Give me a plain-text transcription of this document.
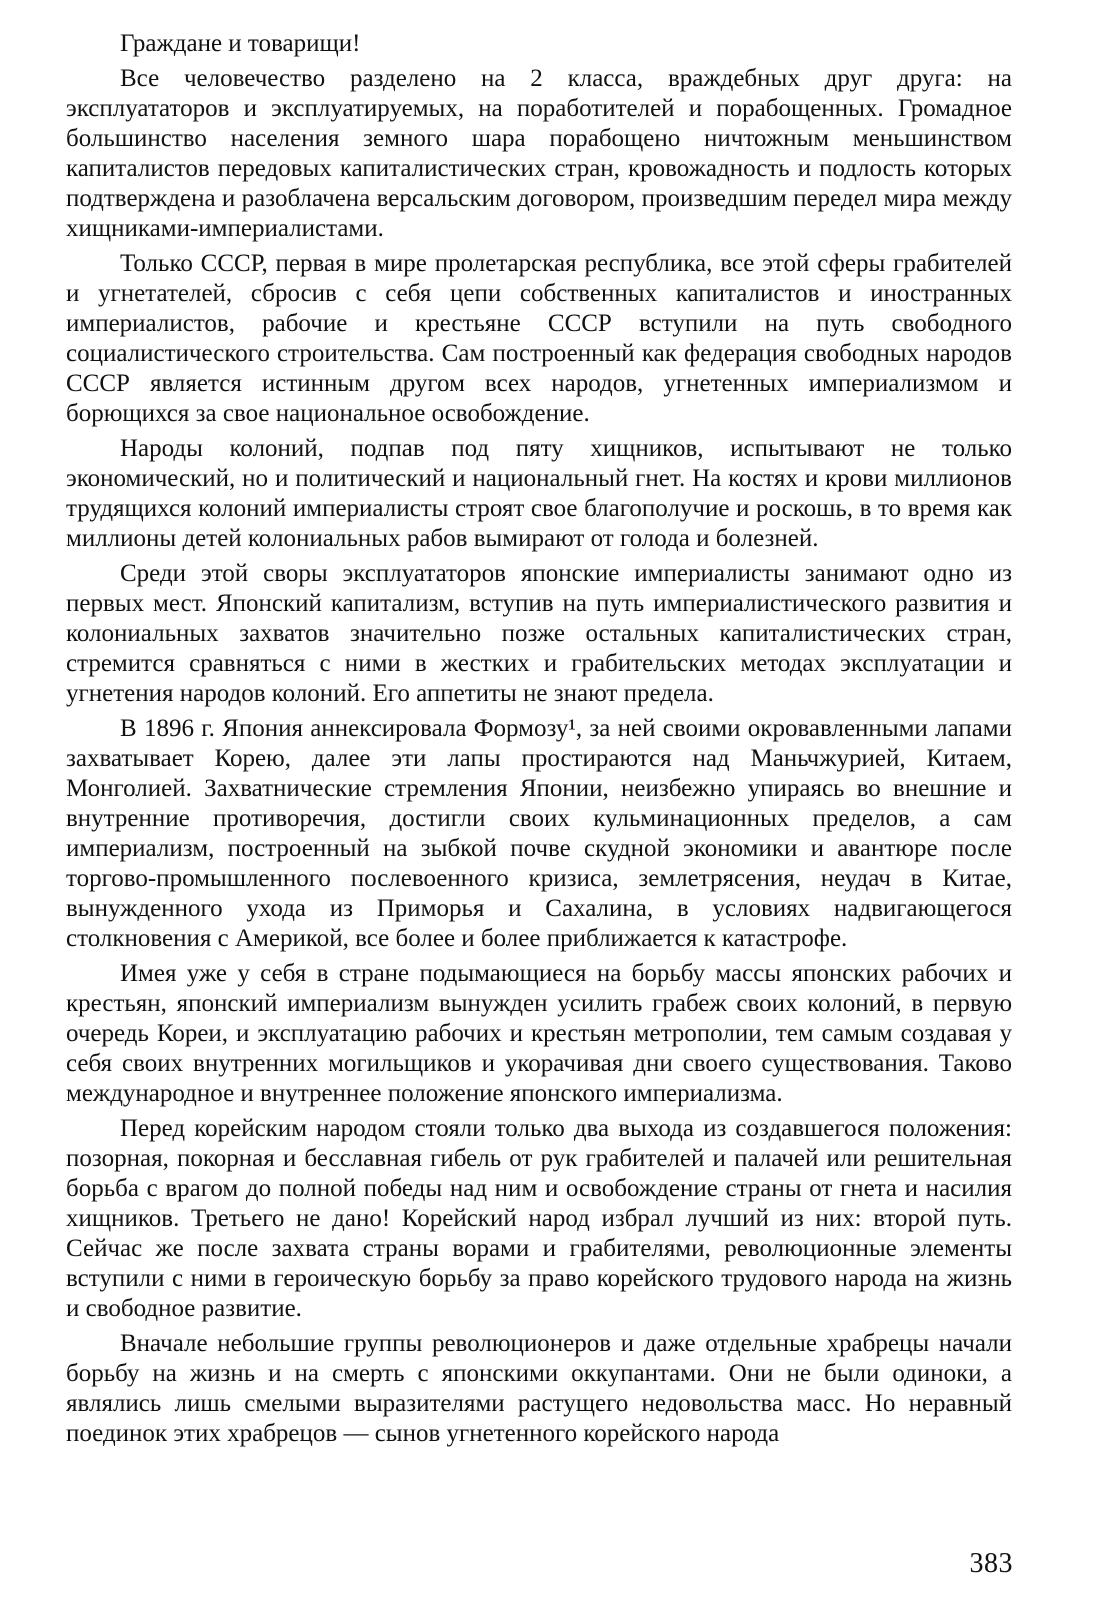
Граждане и товарищи!

Все человечество разделено на 2 класса, враждебных друг друга: на эксплуататоров и эксплуатируемых, на поработителей и порабощенных. Громадное большинство населения земного шара порабощено ничтожным меньшинством капиталистов передовых капиталистических стран, кровожадность и подлость которых подтверждена и разоблачена версальским договором, произведшим передел мира между хищниками-империалистами.

Только СССР, первая в мире пролетарская республика, все этой сферы грабителей и угнетателей, сбросив с себя цепи собственных капиталистов и иностранных империалистов, рабочие и крестьяне СССР вступили на путь свободного социалистического строительства. Сам построенный как федерация свободных народов СССР является истинным другом всех народов, угнетенных империализмом и борющихся за свое национальное освобождение.

Народы колоний, подпав под пяту хищников, испытывают не только экономический, но и политический и национальный гнет. На костях и крови миллионов трудящихся колоний империалисты строят свое благополучие и роскошь, в то время как миллионы детей колониальных рабов вымирают от голода и болезней.

Среди этой своры эксплуататоров японские империалисты занимают одно из первых мест. Японский капитализм, вступив на путь империалистического развития и колониальных захватов значительно позже остальных капиталистических стран, стремится сравняться с ними в жестких и грабительских методах эксплуатации и угнетения народов колоний. Его аппетиты не знают предела.

В 1896 г. Япония аннексировала Формозу¹, за ней своими окровавленными лапами захватывает Корею, далее эти лапы простираются над Маньчжурией, Китаем, Монголией. Захватнические стремления Японии, неизбежно упираясь во внешние и внутренние противоречия, достигли своих кульминационных пределов, а сам империализм, построенный на зыбкой почве скудной экономики и авантюре после торгово-промышленного послевоенного кризиса, землетрясения, неудач в Китае, вынужденного ухода из Приморья и Сахалина, в условиях надвигающегося столкновения с Америкой, все более и более приближается к катастрофе.

Имея уже у себя в стране подымающиеся на борьбу массы японских рабочих и крестьян, японский империализм вынужден усилить грабеж своих колоний, в первую очередь Кореи, и эксплуатацию рабочих и крестьян метрополии, тем самым создавая у себя своих внутренних могильщиков и укорачивая дни своего существования. Таково международное и внутреннее положение японского империализма.

Перед корейским народом стояли только два выхода из создавшегося положения: позорная, покорная и бесславная гибель от рук грабителей и палачей или решительная борьба с врагом до полной победы над ним и освобождение страны от гнета и насилия хищников. Третьего не дано! Корейский народ избрал лучший из них: второй путь. Сейчас же после захвата страны ворами и грабителями, революционные элементы вступили с ними в героическую борьбу за право корейского трудового народа на жизнь и свободное развитие.

Вначале небольшие группы революционеров и даже отдельные храбрецы начали борьбу на жизнь и на смерть с японскими оккупантами. Они не были одиноки, а являлись лишь смелыми выразителями растущего недовольства масс. Но неравный поединок этих храбрецов — сынов угнетенного корейского народа

383
